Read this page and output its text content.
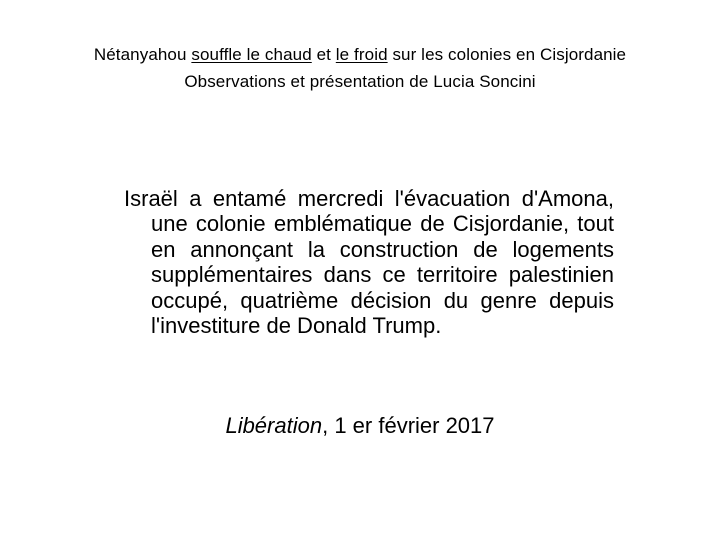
Nétanyahou souffle le chaud et le froid sur les colonies en Cisjordanie
Observations et présentation de Lucia Soncini
Israël a entamé mercredi l'évacuation d'Amona, une colonie emblématique de Cisjordanie, tout en annonçant la construction de logements supplémentaires dans ce territoire palestinien occupé, quatrième décision du genre depuis l'investiture de Donald Trump.
Libération, 1 er février 2017
